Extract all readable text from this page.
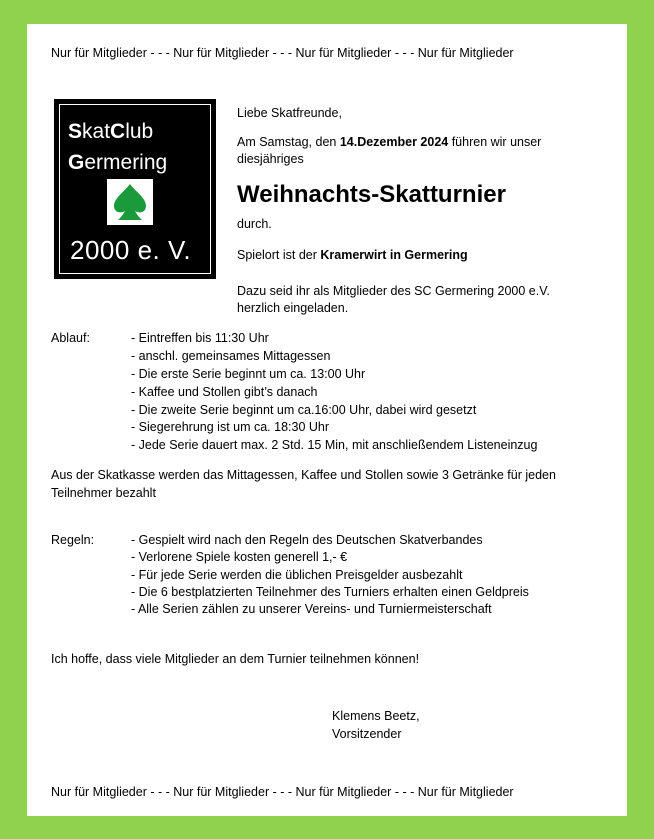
Nur für Mitglieder - - - Nur für Mitglieder - - - Nur für Mitglieder - - - Nur für Mitglieder
SkatClub
Germering
2000 e. V.
Liebe Skatfreunde,
Am Samstag, den 14.Dezember 2024 führen wir unser
diesjähriges
Weihnachts-Skatturnier
durch.
Spielort ist der Kramerwirt in Germering
Dazu seid ihr als Mitglieder des SC Germering 2000 e.V.
herzlich eingeladen.
Ablauf:	- Eintreffen bis 11:30 Uhr
- anschl. gemeinsames Mittagessen
- Die erste Serie beginnt um ca. 13:00 Uhr
- Kaffee und Stollen gibt’s danach
- Die zweite Serie beginnt um ca.16:00 Uhr, dabei wird gesetzt
- Siegerehrung ist um ca. 18:30 Uhr
- Jede Serie dauert max. 2 Std. 15 Min, mit anschließendem Listeneinzug
Aus der Skatkasse werden das Mittagessen, Kaffee und Stollen sowie 3 Getränke für jeden
Teilnehmer bezahlt
Regeln:	- Gespielt wird nach den Regeln des Deutschen Skatverbandes
- Verlorene Spiele kosten generell 1,- €
- Für jede Serie werden die üblichen Preisgelder ausbezahlt
- Die 6 bestplatzierten Teilnehmer des Turniers erhalten einen Geldpreis
- Alle Serien zählen zu unserer Vereins- und Turniermeisterschaft
Ich hoffe, dass viele Mitglieder an dem Turnier teilnehmen können!
Klemens Beetz,
Vorsitzender
Nur für Mitglieder - - - Nur für Mitglieder - - - Nur für Mitglieder - - - Nur für Mitglieder
